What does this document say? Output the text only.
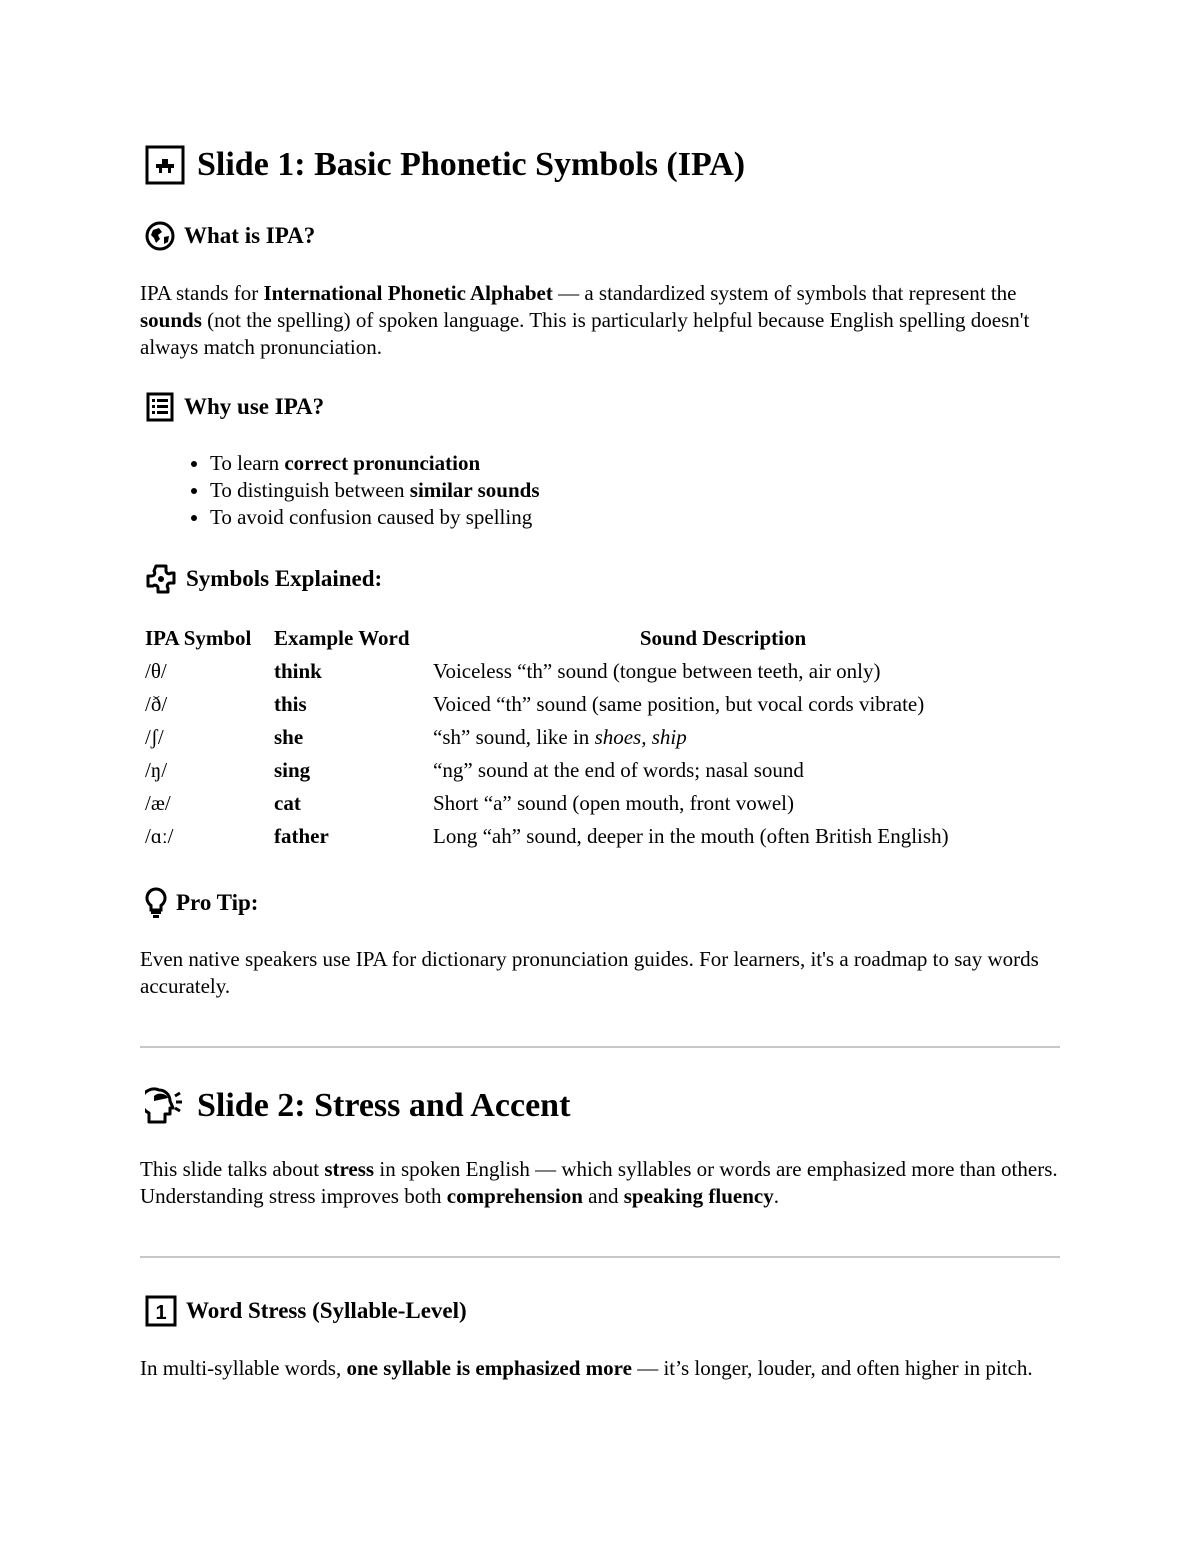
Slide 1: Basic Phonetic Symbols (IPA)
What is IPA?
IPA stands for International Phonetic Alphabet — a standardized system of symbols that represent the sounds (not the spelling) of spoken language. This is particularly helpful because English spelling doesn't always match pronunciation.
Why use IPA?
• To learn correct pronunciation
• To distinguish between similar sounds
• To avoid confusion caused by spelling
Symbols Explained:
IPA Symbol	Example Word	Sound Description
/θ/	think	Voiceless “th” sound (tongue between teeth, air only)
/ð/	this	Voiced “th” sound (same position, but vocal cords vibrate)
/ʃ/	she	“sh” sound, like in shoes, ship
/ŋ/	sing	“ng” sound at the end of words; nasal sound
/æ/	cat	Short “a” sound (open mouth, front vowel)
/ɑː/	father	Long “ah” sound, deeper in the mouth (often British English)
Pro Tip:
Even native speakers use IPA for dictionary pronunciation guides. For learners, it's a roadmap to say words accurately.
Slide 2: Stress and Accent
This slide talks about stress in spoken English — which syllables or words are emphasized more than others. Understanding stress improves both comprehension and speaking fluency.
1 Word Stress (Syllable-Level)
In multi-syllable words, one syllable is emphasized more — it’s longer, louder, and often higher in pitch.
